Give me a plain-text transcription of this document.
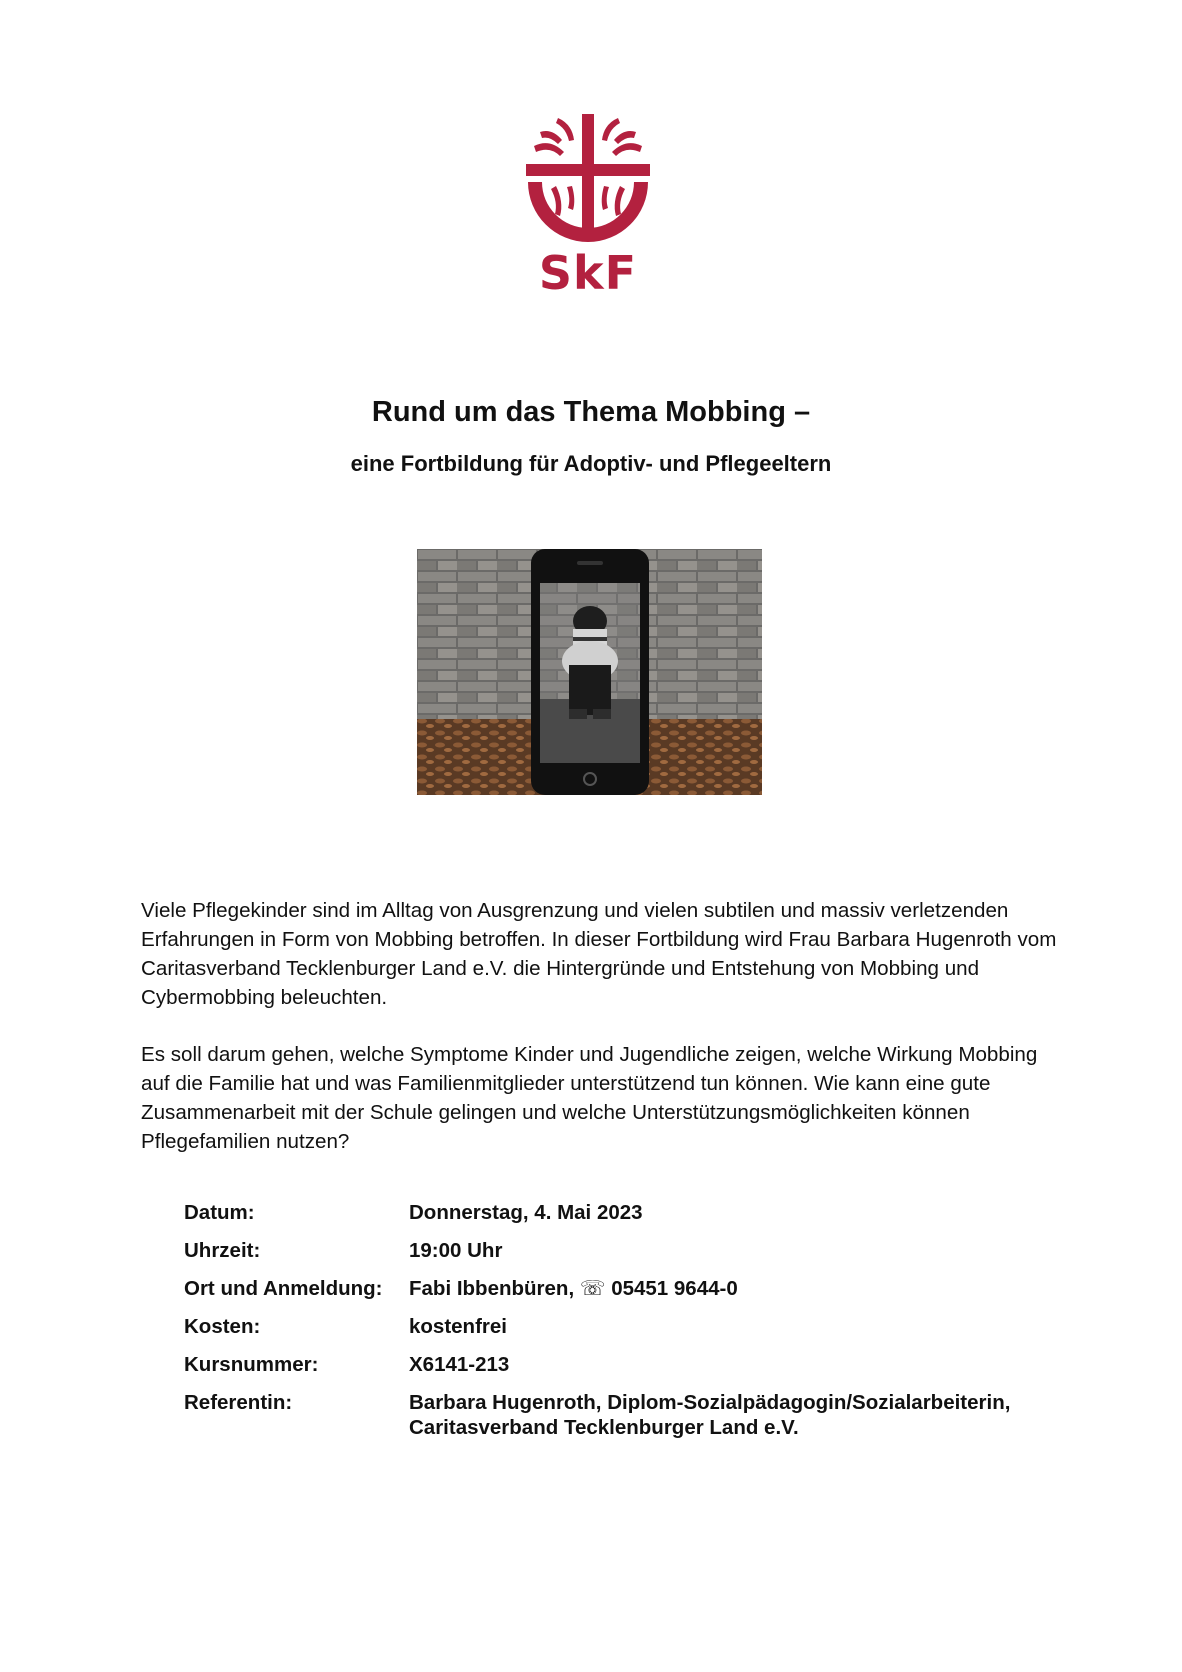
SkF
Rund um das Thema Mobbing –
eine Fortbildung für Adoptiv- und Pflegeeltern

Viele Pflegekinder sind im Alltag von Ausgrenzung und vielen subtilen und massiv verletzenden Erfahrungen in Form von Mobbing betroffen. In dieser Fortbildung wird Frau Barbara Hugenroth vom Caritasverband Tecklenburger Land e.V. die Hintergründe und Entstehung von Mobbing und Cybermobbing beleuchten.

Es soll darum gehen, welche Symptome Kinder und Jugendliche zeigen, welche Wirkung Mobbing auf die Familie hat und was Familienmitglieder unterstützend tun können. Wie kann eine gute Zusammenarbeit mit der Schule gelingen und welche Unterstützungsmöglichkeiten können Pflegefamilien nutzen?

Datum:	Donnerstag, 4. Mai 2023
Uhrzeit:	19:00 Uhr
Ort und Anmeldung:	Fabi Ibbenbüren, ☏ 05451 9644-0
Kosten:	kostenfrei
Kursnummer:	X6141-213
Referentin:	Barbara Hugenroth, Diplom-Sozialpädagogin/Sozialarbeiterin,
Caritasverband Tecklenburger Land e.V.
